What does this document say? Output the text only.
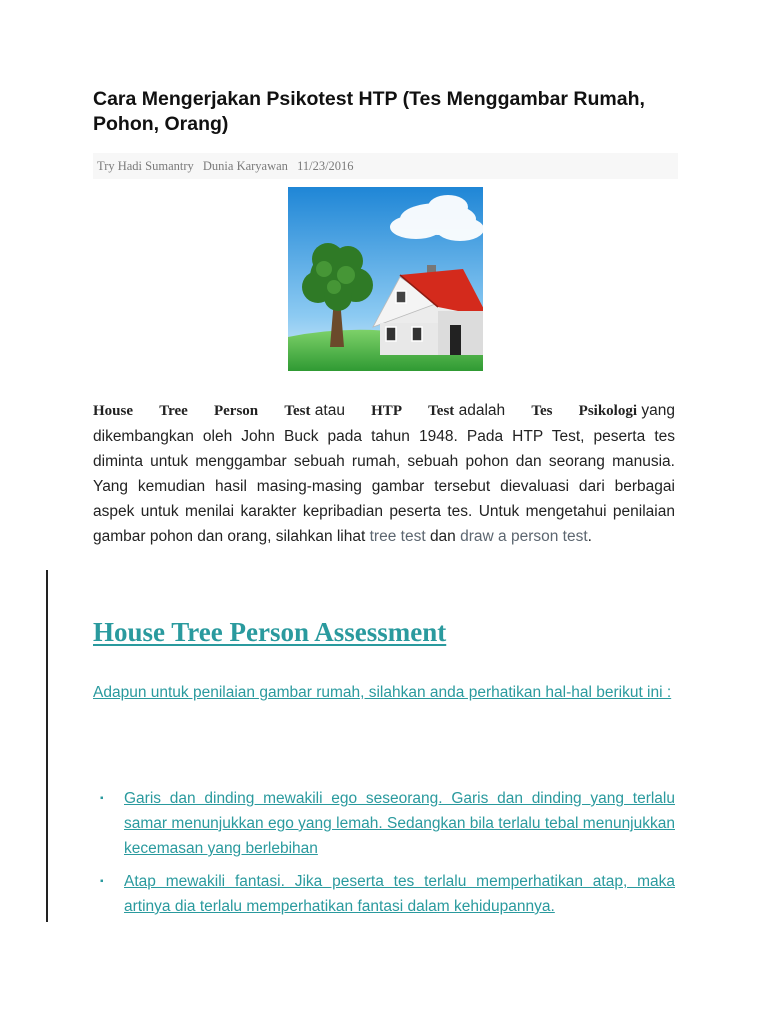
Cara Mengerjakan Psikotest HTP (Tes Menggambar Rumah, Pohon, Orang)
Try Hadi Sumantry Dunia Karyawan 11/23/2016
House Tree Person Test atau HTP Test adalah Tes Psikologi yang
dikembangkan oleh John Buck pada tahun 1948. Pada HTP Test, peserta tes diminta untuk menggambar sebuah rumah, sebuah pohon dan seorang manusia. Yang kemudian hasil masing-masing gambar tersebut dievaluasi dari berbagai aspek untuk menilai karakter kepribadian peserta tes. Untuk mengetahui penilaian gambar pohon dan orang, silahkan lihat tree test dan draw a person test.
House Tree Person Assessment
Adapun untuk penilaian gambar rumah, silahkan anda perhatikan hal-hal berikut ini :
▪ Garis dan dinding mewakili ego seseorang. Garis dan dinding yang terlalu samar menunjukkan ego yang lemah. Sedangkan bila terlalu tebal menunjukkan kecemasan yang berlebihan
▪ Atap mewakili fantasi. Jika peserta tes terlalu memperhatikan atap, maka artinya dia terlalu memperhatikan fantasi dalam kehidupannya.
